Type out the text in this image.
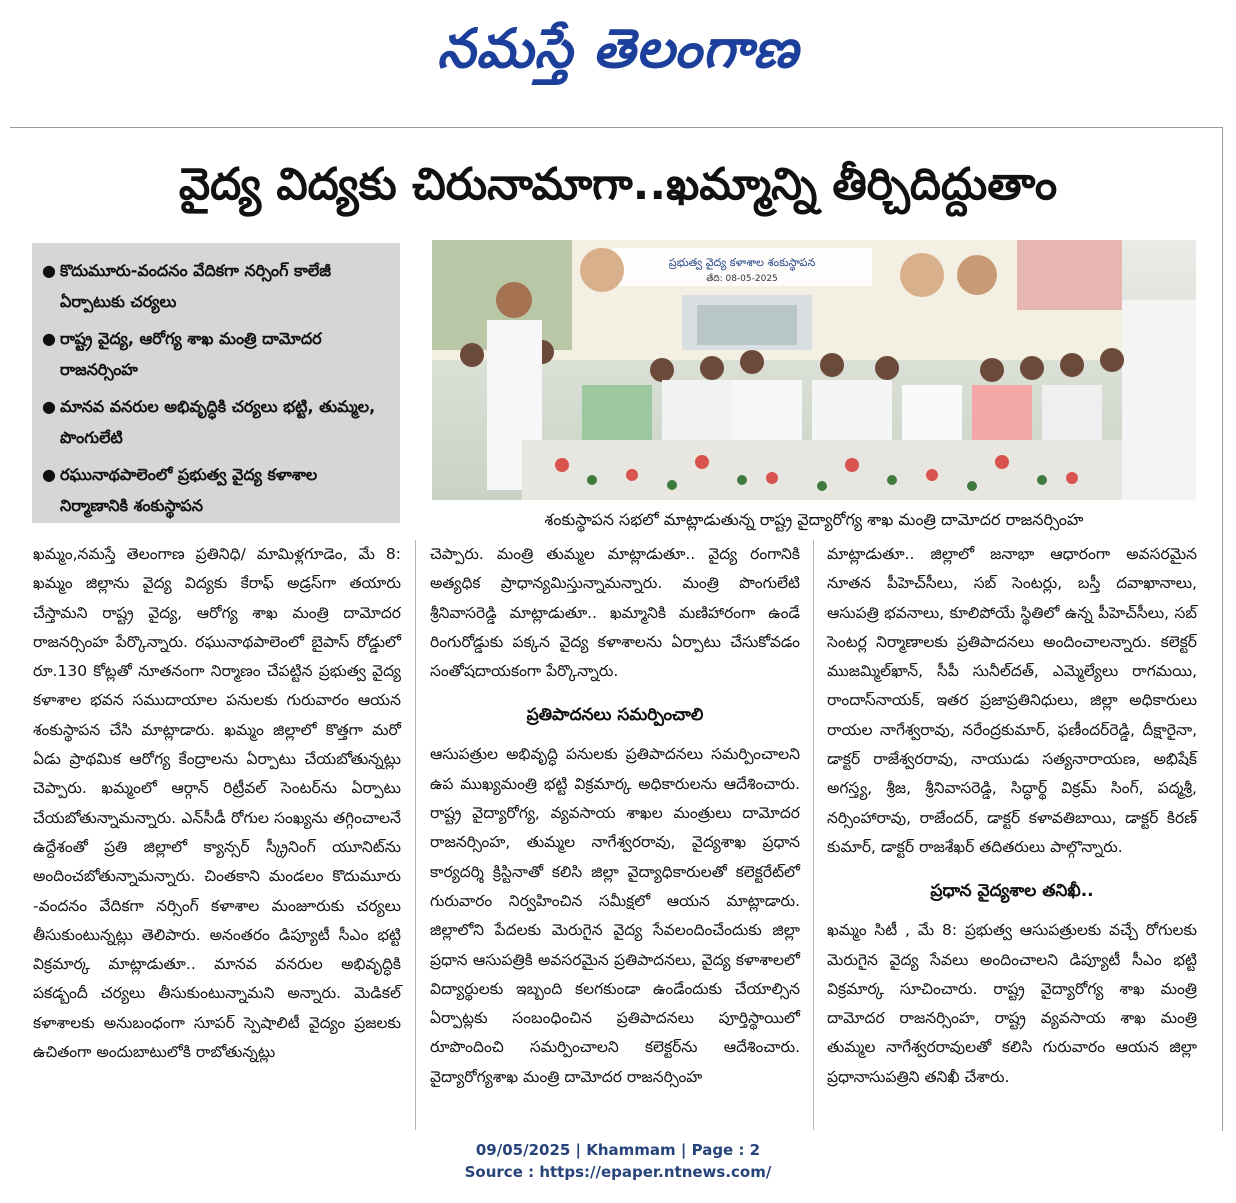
నమస్తే తెలంగాణ
వైద్య విద్యకు చిరునామాగా..ఖమ్మాన్ని తీర్చిదిద్దుతాం
● కొదుమూరు-వందనం వేదికగా నర్సింగ్ కాలేజీ ఏర్పాటుకు చర్యలు
● రాష్ట్ర వైద్య, ఆరోగ్య శాఖ మంత్రి దామోదర రాజనర్సింహ
● మానవ వనరుల అభివృద్ధికి చర్యలు భట్టి, తుమ్మల, పొంగులేటి
● రఘునాథపాలెంలో ప్రభుత్వ వైద్య కళాశాల నిర్మాణానికి శంకుస్థాపన
ప్రభుత్వ వైద్య కళాశాల శంకుస్థాపన
తేది: 08-05-2025
శంకుస్థాపన సభలో మాట్లాడుతున్న రాష్ట్ర వైద్యారోగ్య శాఖ మంత్రి దామోదర రాజనర్సింహ

ఖమ్మం,నమస్తే తెలంగాణ ప్రతినిధి/ మామిళ్లగూడెం, మే 8: ఖమ్మం జిల్లాను వైద్య విద్యకు కేరాఫ్ అడ్రస్‌గా తయారు చేస్తామని రాష్ట్ర వైద్య, ఆరోగ్య శాఖ మంత్రి దామోదర రాజనర్సింహ పేర్కొన్నారు. రఘునాథపాలెంలో బైపాస్ రోడ్డులో రూ.130 కోట్లతో నూతనంగా నిర్మాణం చేపట్టిన ప్రభుత్వ వైద్య కళాశాల భవన సముదాయాల పనులకు గురువారం ఆయన శంకుస్థాపన చేసి మాట్లాడారు. ఖమ్మం జిల్లాలో కొత్తగా మరో ఏడు ప్రాథమిక ఆరోగ్య కేంద్రాలను ఏర్పాటు చేయబోతున్నట్లు చెప్పారు. ఖమ్మంలో ఆర్గాన్ రిట్రీవల్ సెంటర్‌ను ఏర్పాటు చేయబోతున్నామన్నారు. ఎన్‌సీడీ రోగుల సంఖ్యను తగ్గించాలనే ఉద్దేశంతో ప్రతి జిల్లాలో క్యాన్సర్ స్క్రీనింగ్ యూనిట్‌ను అందించబోతున్నామన్నారు. చింతకాని మండలం కొదుమూరు -వందనం వేదికగా నర్సింగ్ కళాశాల మంజూరుకు చర్యలు తీసుకుంటున్నట్లు తెలిపారు. అనంతరం డిప్యూటీ సీఎం భట్టి విక్రమార్క మాట్లాడుతూ.. మానవ వనరుల అభివృద్ధికి పకడ్బందీ చర్యలు తీసుకుంటున్నామని అన్నారు. మెడికల్ కళాశాలకు అనుబంధంగా సూపర్ స్పెషాలిటీ వైద్యం ప్రజలకు ఉచితంగా అందుబాటులోకి రాబోతున్నట్లు

చెప్పారు. మంత్రి తుమ్మల మాట్లాడుతూ.. వైద్య రంగానికి అత్యధిక ప్రాధాన్యమిస్తున్నామన్నారు. మంత్రి పొంగులేటి శ్రీనివాసరెడ్డి మాట్లాడుతూ.. ఖమ్మానికి మణిహారంగా ఉండే రింగురోడ్డుకు పక్కన వైద్య కళాశాలను ఏర్పాటు చేసుకోవడం సంతోషదాయకంగా పేర్కొన్నారు.

ప్రతిపాదనలు సమర్పించాలి

ఆసుపత్రుల అభివృద్ధి పనులకు ప్రతిపాదనలు సమర్పించాలని ఉప ముఖ్యమంత్రి భట్టి విక్రమార్క అధికారులను ఆదేశించారు. రాష్ట్ర వైద్యారోగ్య, వ్యవసాయ శాఖల మంత్రులు దామోదర రాజనర్సింహ, తుమ్మల నాగేశ్వరరావు, వైద్యశాఖ ప్రధాన కార్యదర్శి క్రిస్టినాతో కలిసి జిల్లా వైద్యాధికారులతో కలెక్టరేట్‌లో గురువారం నిర్వహించిన సమీక్షలో ఆయన మాట్లాడారు. జిల్లాలోని పేదలకు మెరుగైన వైద్య సేవలందించేందుకు జిల్లా ప్రధాన ఆసుపత్రికి అవసరమైన ప్రతిపాదనలు, వైద్య కళాశాలలో విద్యార్థులకు ఇబ్బంది కలగకుండా ఉండేందుకు చేయాల్సిన ఏర్పాట్లకు సంబంధించిన ప్రతిపాదనలు పూర్తిస్థాయిలో రూపొందించి సమర్పించాలని కలెక్టర్‌ను ఆదేశించారు. వైద్యారోగ్యశాఖ మంత్రి దామోదర రాజనర్సింహ

మాట్లాడుతూ.. జిల్లాలో జనాభా ఆధారంగా అవసరమైన నూతన పీహెచ్‌సీలు, సబ్ సెంటర్లు, బస్తీ దవాఖానాలు, ఆసుపత్రి భవనాలు, కూలిపోయే స్థితిలో ఉన్న పీహెచ్‌సీలు, సబ్ సెంటర్ల నిర్మాణాలకు ప్రతిపాదనలు అందించాలన్నారు. కలెక్టర్ ముజమ్మిల్‌ఖాన్, సీపీ సునీల్‌దత్, ఎమ్మెల్యేలు రాగమయి, రాందాస్‌నాయక్, ఇతర ప్రజాప్రతినిధులు, జిల్లా అధికారులు రాయల నాగేశ్వరావు, నరేంద్రకుమార్, ఫణీందర్‌రెడ్డి, దీక్షారైనా, డాక్టర్ రాజేశ్వరరావు, నాయుడు సత్యనారాయణ, అభిషేక్ అగస్త్య, శ్రీజ, శ్రీనివాసరెడ్డి, సిద్ధార్థ్ విక్రమ్ సింగ్, పద్మశ్రీ, నర్సింహారావు, రాజేందర్, డాక్టర్ కళావతిబాయి, డాక్టర్ కిరణ్ కుమార్, డాక్టర్ రాజశేఖర్ తదితరులు పాల్గొన్నారు.

ప్రధాన వైద్యశాల తనిఖీ..

ఖమ్మం సిటీ , మే 8: ప్రభుత్వ ఆసుపత్రులకు వచ్చే రోగులకు మెరుగైన వైద్య సేవలు అందించాలని డిప్యూటీ సీఎం భట్టి విక్రమార్క సూచించారు. రాష్ట్ర వైద్యారోగ్య శాఖ మంత్రి దామోదర రాజనర్సింహ, రాష్ట్ర వ్యవసాయ శాఖ మంత్రి తుమ్మల నాగేశ్వరరావులతో కలిసి గురువారం ఆయన జిల్లా ప్రధానాసుపత్రిని తనిఖీ చేశారు.

09/05/2025 | Khammam | Page : 2
Source : https://epaper.ntnews.com/
